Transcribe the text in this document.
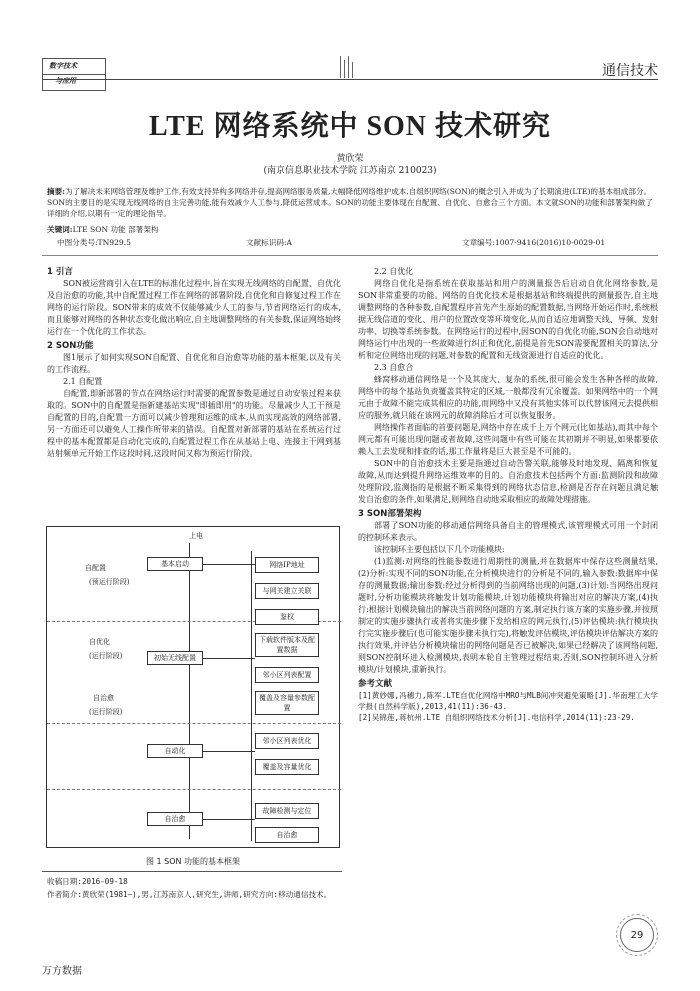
数字技术
与应用
通信技术
LTE 网络系统中 SON 技术研究
黄欣荣
(南京信息职业技术学院 江苏南京 210023)
摘要:为了解决未来网络管理及维护工作,有效支持异构多网络并存,提高网络服务质量,大幅降低网络维护成本,自组织网络(SON)的概念引入并成为了长期演进(LTE)的基本组成部分。SON的主要目的是实现无线网络的自主完善功能,能有效减少人工参与,降低运营成本。SON的功能主要体现在自配置、自优化、自愈合三个方面。本文就SON的功能和部署架构做了详细的介绍,以期有一定的理论指导。
关键词:LTE SON 功能 部署架构
中图分类号:TN929.5	文献标识码:A	文章编号:1007-9416(2016)10-0029-01
1 引言
SON被运营商引入在LTE的标准化过程中,旨在实现无线网络的自配置、自优化及自治愈的功能,其中自配置过程工作在网络的部署阶段,自优化和自修复过程工作在网络的运行阶段。SON带来的成效不仅能够减少人工的参与,节省网络运行的成本,而且能够对网络的各种状态变化做出响应,自主地调整网络的有关参数,保证网络始终运行在一个优化的工作状态。
2 SON功能
图1展示了如何实现SON自配置、自优化和自治愈等功能的基本框架,以及有关的工作流程。
2.1 自配置
自配置,即新部署的节点在网络运行时需要的配置参数是通过自动安装过程来获取的。SON中的自配置是指新建基站实现"即插即用"的功能。尽量减少人工干预是自配置的目的,自配置一方面可以减少管理和运维的成本,从而实现高效的网络部署,另一方面还可以避免人工操作所带来的错误。自配置对新部署的基站在系统运行过程中的基本配置都是自动化完成的,自配置过程工作在从基站上电、连接主干网到基站射频单元开始工作这段时间,这段时间又称为预运行阶段。
上电
自配置
(预运行阶段)
自优化
(运行阶段)
自治愈
(运行阶段)
基本启动
初始无线配置
自动化
自治愈
网络IP地址
与网关建立关联
鉴权
下载软件版本及配置数据
邻小区列表配置
覆盖及容量参数配置
邻小区列表优化
覆盖及容量优化
故障检测与定位
自治愈
图 1 SON 功能的基本框架
收稿日期:2016-09-18
作者简介:黄欣荣(1981—),男,江苏南京人,研究生,讲师,研究方向:移动通信技术。
2.2 自优化
网络自优化是指系统在获取基站和用户的测量报告后启动自优化网络参数,是SON非常重要的功能。网络的自优化技术是根据基站和终端提供的测量报告,自主地调整网络的各种参数,自配置程序首先产生原始的配置数据,当网络开始运作时,系统根据无线信道的变化、用户的位置改变等环境变化,从而自适应地调整天线、导频、发射功率、切换等系统参数。在网络运行的过程中,因SON的自优化功能,SON会自动地对网络运行中出现的一些故障进行纠正和优化,前提是首先SON需要配置相关的算法,分析和定位网络出现的问题,对参数的配置和无线资源进行自适应的优化。
2.3 自愈合
蜂窝移动通信网络是一个及其庞大、复杂的系统,很可能会发生各种各样的故障,网络中的每个基站负责覆盖其特定的区域,一般都没有冗余覆盖。如果网络中的一个网元由于故障不能完成其相应的功能,而网络中又没有其他实体可以代替该网元去提供相应的服务,就只能在该网元的故障消除后才可以恢复服务。
网络操作者面临的首要问题是,网络中存在成千上万个网元(比如基站),而其中每个网元都有可能出现问题或者故障,这些问题中有些可能在其初期并不明显,如果都要依赖人工去发现和排查的话,那工作量将是巨大甚至是不可能的。
SON中的自治愈技术主要是指通过自动告警关联,能够及时地发现、隔离和恢复故障,从而达到提升网络运维效率的目的。自治愈技术包括两个方面:监测阶段和故障处理阶段,监测指的是根据不断采集得到的网络状态信息,检测是否存在问题且满足触发自治愈的条件,如果满足,则网络自动地采取相应的故障处理措施。
3 SON部署架构
部署了SON功能的移动通信网络具备自主的管理模式,该管理模式可用一个封闭的控制环来表示。
该控制环主要包括以下几个功能模块:
(1)监测:对网络的性能参数进行周期性的测量,并在数据库中保存这些测量结果,(2)分析:实现不同的SON功能,在分析模块进行的分析是不同的,输入参数:数据库中保存的测量数据;输出参数:经过分析得到的当前网络出现的问题,(3)计划:当网络出现问题时,分析功能模块将触发计划功能模块,计划功能模块将输出对应的解决方案,(4)执行:根据计划模块输出的解决当前网络问题的方案,制定执行该方案的实施步骤,并按照制定的实施步骤执行或者将实施步骤下发给相应的网元执行,(5)评估模块:执行模块执行完实施步骤后(也可能实施步骤未执行完),将触发评估模块,评估模块评估解决方案的执行效果,并评估分析模块输出的网络问题是否已被解决,如果已经解决了该网络问题,则SON控制环进入检测模块,表明本轮自主管理过程结束,否则,SON控制环进入分析模块/计划模块,重新执行。
参考文献
[1]黄妙娜,冯穗力,陈军.LTE自优化网络中MRO与MLB间冲突避免策略[J].华南理工大学学报(自然科学版),2013,41(11):36-43.
[2]吴锦莲,蒋杭州.LTE 自组织网络技术分析[J].电信科学,2014(11):23-29.
29
万方数据
